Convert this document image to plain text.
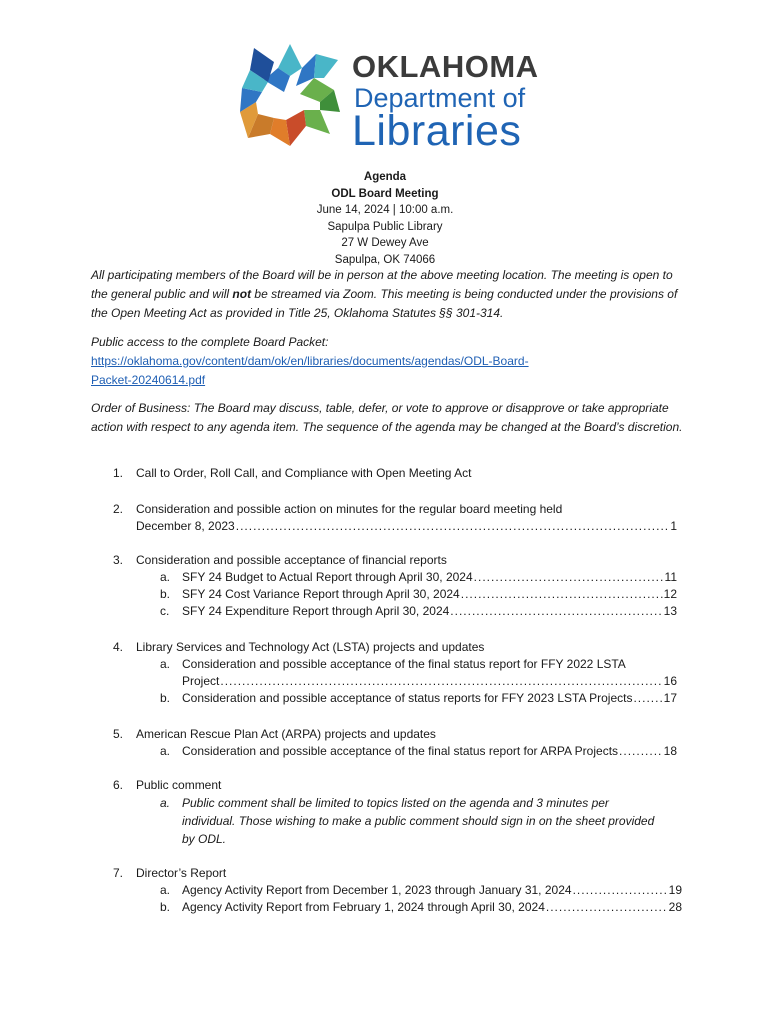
OKLAHOMA
Department of
Libraries
Agenda
ODL Board Meeting
June 14, 2024 | 10:00 a.m.
Sapulpa Public Library
27 W Dewey Ave
Sapulpa, OK 74066
All participating members of the Board will be in person at the above meeting location. The meeting is open to the general public and will not be streamed via Zoom. This meeting is being conducted under the provisions of the Open Meeting Act as provided in Title 25, Oklahoma Statutes §§ 301-314.
Public access to the complete Board Packet:
https://oklahoma.gov/content/dam/ok/en/libraries/documents/agendas/ODL-Board-
Packet-20240614.pdf
Order of Business: The Board may discuss, table, defer, or vote to approve or disapprove or take appropriate action with respect to any agenda item. The sequence of the agenda may be changed at the Board’s discretion.
1. Call to Order, Roll Call, and Compliance with Open Meeting Act
2. Consideration and possible action on minutes for the regular board meeting held
December 8, 2023 .....	1
3. Consideration and possible acceptance of financial reports
a. SFY 24 Budget to Actual Report through April 30, 2024 .....	11
b. SFY 24 Cost Variance Report through April 30, 2024 .....	12
c. SFY 24 Expenditure Report through April 30, 2024 .....	13
4. Library Services and Technology Act (LSTA) projects and updates
a. Consideration and possible acceptance of the final status report for FFY 2022 LSTA
Project .....	16
b. Consideration and possible acceptance of status reports for FFY 2023 LSTA Projects .....	17
5. American Rescue Plan Act (ARPA) projects and updates
a. Consideration and possible acceptance of the final status report for ARPA Projects .....	18
6. Public comment
a. Public comment shall be limited to topics listed on the agenda and 3 minutes per
individual. Those wishing to make a public comment should sign in on the sheet provided
by ODL.
7. Director’s Report
a. Agency Activity Report from December 1, 2023 through January 31, 2024 .....	19
b. Agency Activity Report from February 1, 2024 through April 30, 2024 .....	28
